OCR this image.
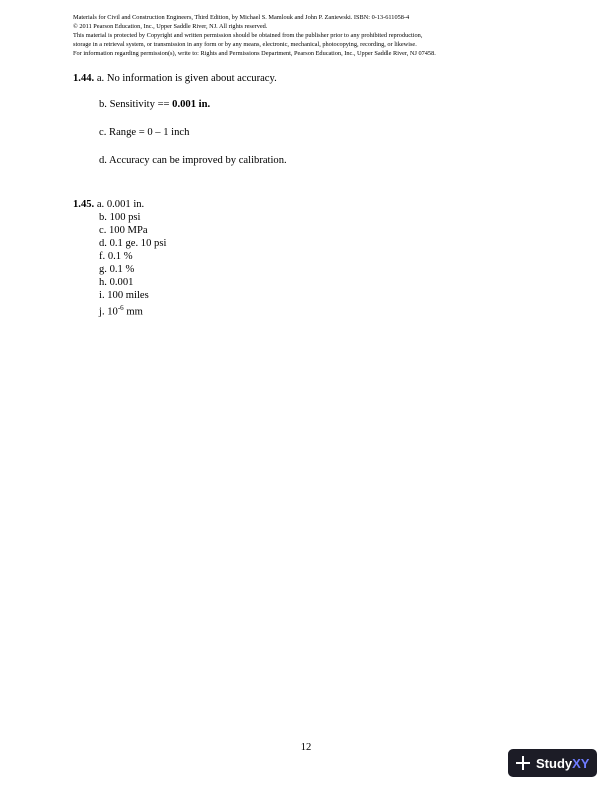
Materials for Civil and Construction Engineers, Third Edition, by Michael S. Mamlouk and John P. Zaniewski. ISBN: 0-13-611058-4
© 2011 Pearson Education, Inc., Upper Saddle River, NJ. All rights reserved.
This material is protected by Copyright and written permission should be obtained from the publisher prior to any prohibited reproduction,
storage in a retrieval system, or transmission in any form or by any means, electronic, mechanical, photocopying, recording, or likewise.
For information regarding permission(s), write to: Rights and Permissions Department, Pearson Education, Inc., Upper Saddle River, NJ 07458.
1.44. a. No information is given about accuracy.
b. Sensitivity == 0.001 in.
c. Range = 0 – 1 inch
d. Accuracy can be improved by calibration.
1.45. a. 0.001 in.
b. 100 psi
c. 100 MPa
d. 0.1 ge. 10 psi
f. 0.1 %
g. 0.1 %
h. 0.001
i. 100 miles
j. $10^{-6}$ mm
12
Study XY
